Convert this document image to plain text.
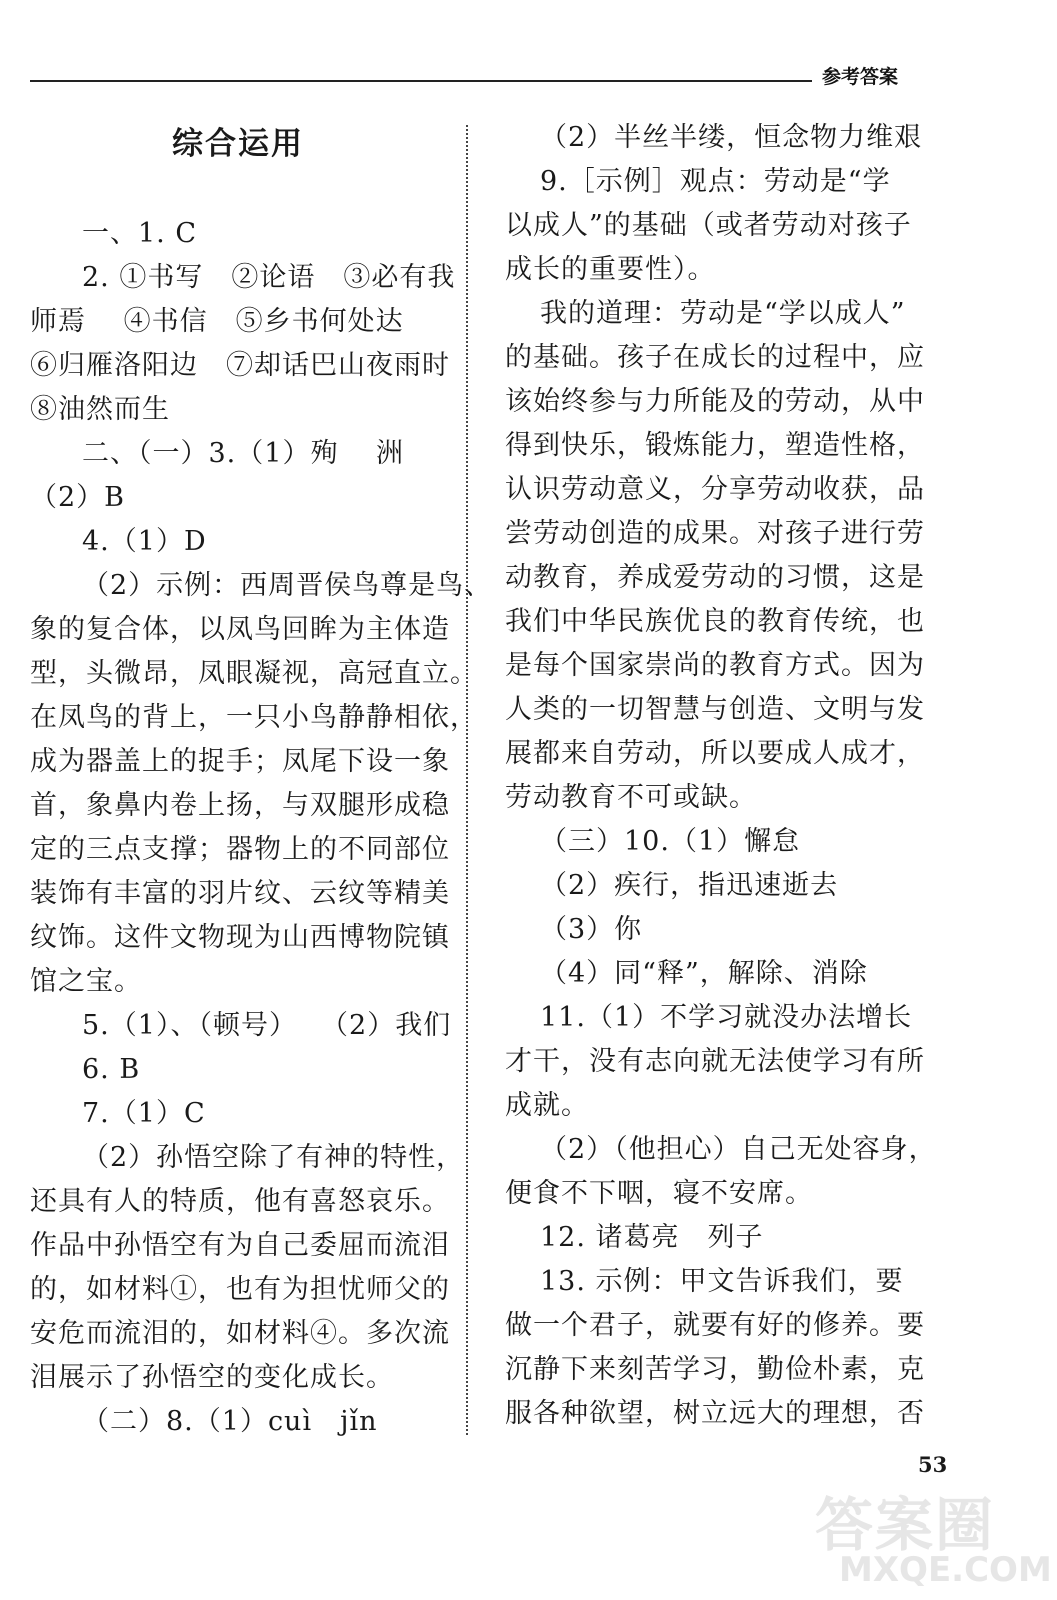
参考答案
综合运用
一、1. C
2. ①书写　②论语　③必有我
师焉　 ④书信　⑤乡书何处达
⑥归雁洛阳边　⑦却话巴山夜雨时
⑧油然而生
二、（一）3.（1）殉　 洲
（2）B
4.（1）D
（2）示例：西周晋侯鸟尊是鸟、
象的复合体，以凤鸟回眸为主体造
型，头微昂，凤眼凝视，高冠直立。
在凤鸟的背上，一只小鸟静静相依，
成为器盖上的捉手；凤尾下设一象
首，象鼻内卷上扬，与双腿形成稳
定的三点支撑；器物上的不同部位
装饰有丰富的羽片纹、云纹等精美
纹饰。这件文物现为山西博物院镇
馆之宝。
5.（1）、（顿号）　 （2）我们
6. B
7.（1）C
（2）孙悟空除了有神的特性，
还具有人的特质，他有喜怒哀乐。
作品中孙悟空有为自己委屈而流泪
的，如材料①，也有为担忧师父的
安危而流泪的，如材料④。多次流
泪展示了孙悟空的变化成长。
（二）8.（1）cuì　jǐn
（2）半丝半缕，恒念物力维艰
9.［示例］观点：劳动是“学
以成人”的基础（或者劳动对孩子
成长的重要性）。
我的道理：劳动是“学以成人”
的基础。孩子在成长的过程中，应
该始终参与力所能及的劳动，从中
得到快乐，锻炼能力，塑造性格，
认识劳动意义，分享劳动收获，品
尝劳动创造的成果。对孩子进行劳
动教育，养成爱劳动的习惯，这是
我们中华民族优良的教育传统，也
是每个国家崇尚的教育方式。因为
人类的一切智慧与创造、文明与发
展都来自劳动，所以要成人成才，
劳动教育不可或缺。
（三）10.（1）懈怠
（2）疾行，指迅速逝去
（3）你
（4）同“释”，解除、消除
11.（1）不学习就没办法增长
才干，没有志向就无法使学习有所
成就。
（2）（他担心）自己无处容身，
便食不下咽，寝不安席。
12. 诸葛亮　列子
13. 示例：甲文告诉我们，要
做一个君子，就要有好的修养。要
沉静下来刻苦学习，勤俭朴素，克
服各种欲望，树立远大的理想，否
53
答案圈
MXQE.COM
